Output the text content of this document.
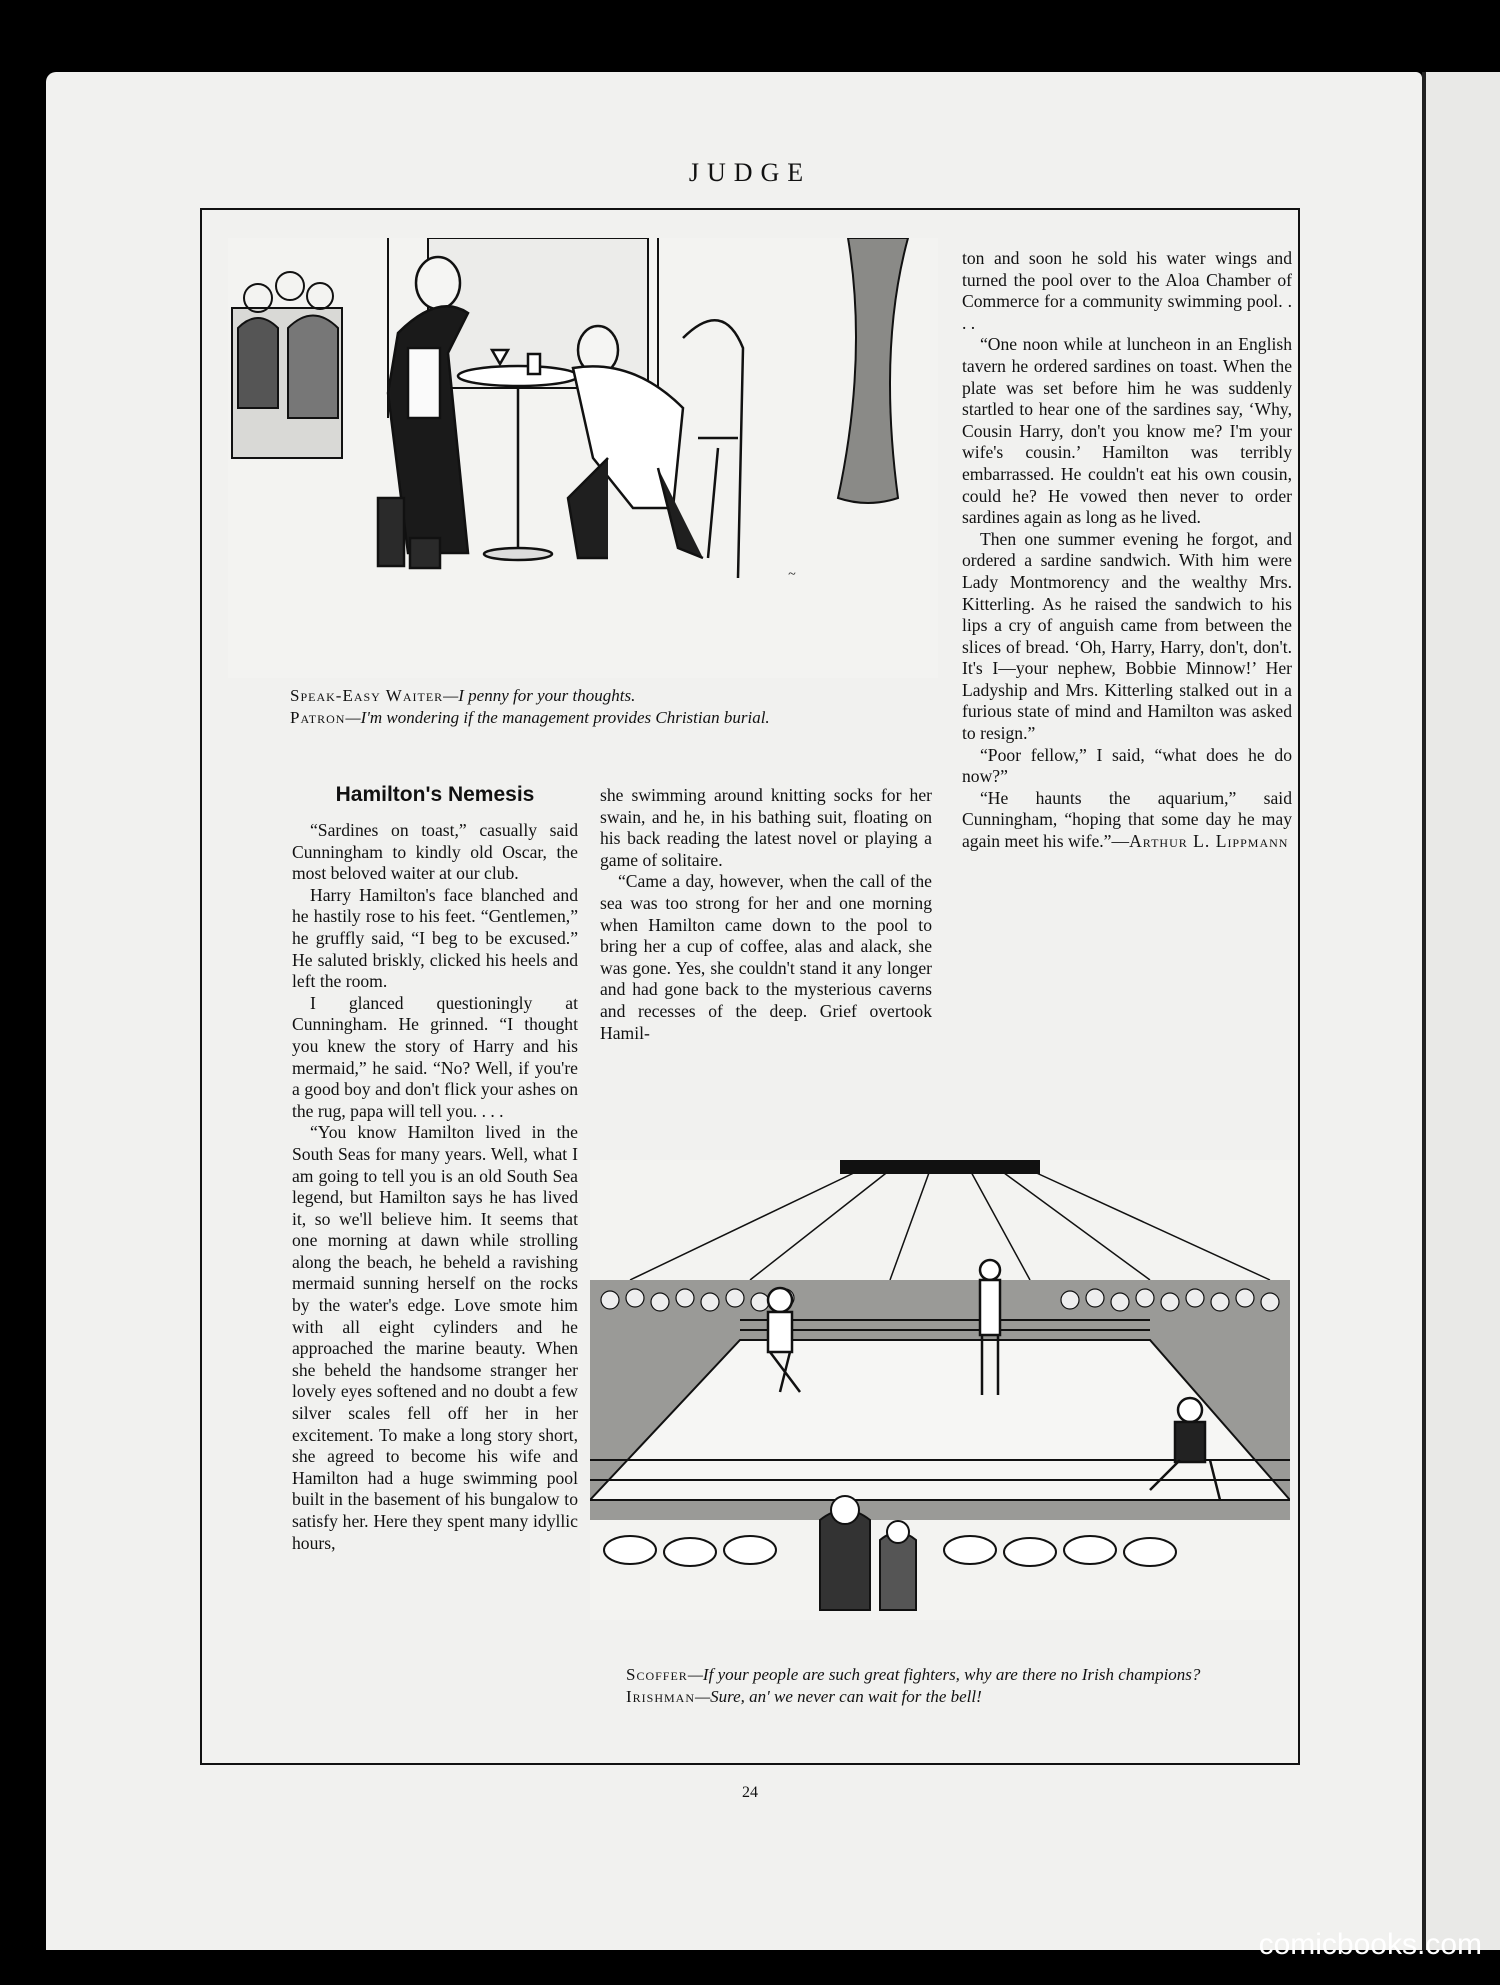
JUDGE
~
Speak-Easy Waiter—I penny for your thoughts.
Patron—I'm wondering if the management provides Christian burial.
Hamilton's Nemesis

“Sardines on toast,” casually said Cunningham to kindly old Oscar, the most beloved waiter at our club.

Harry Hamilton's face blanched and he hastily rose to his feet. “Gentlemen,” he gruffly said, “I beg to be excused.” He saluted briskly, clicked his heels and left the room.

I glanced questioningly at Cunningham. He grinned. “I thought you knew the story of Harry and his mermaid,” he said. “No? Well, if you're a good boy and don't flick your ashes on the rug, papa will tell you. . . .

“You know Hamilton lived in the South Seas for many years. Well, what I am going to tell you is an old South Sea legend, but Hamilton says he has lived it, so we'll believe him. It seems that one morning at dawn while strolling along the beach, he beheld a ravishing mermaid sunning herself on the rocks by the water's edge. Love smote him with all eight cylinders and he approached the marine beauty. When she beheld the handsome stranger her lovely eyes softened and no doubt a few silver scales fell off her in her excitement. To make a long story short, she agreed to become his wife and Hamilton had a huge swimming pool built in the basement of his bungalow to satisfy her. Here they spent many idyllic hours,

she swimming around knitting socks for her swain, and he, in his bathing suit, floating on his back reading the latest novel or playing a game of solitaire.

“Came a day, however, when the call of the sea was too strong for her and one morning when Hamilton came down to the pool to bring her a cup of coffee, alas and alack, she was gone. Yes, she couldn't stand it any longer and had gone back to the mysterious caverns and recesses of the deep. Grief overtook Hamil-

ton and soon he sold his water wings and turned the pool over to the Aloa Chamber of Commerce for a community swimming pool. . . .

“One noon while at luncheon in an English tavern he ordered sardines on toast. When the plate was set before him he was suddenly startled to hear one of the sardines say, ‘Why, Cousin Harry, don't you know me? I'm your wife's cousin.’ Hamilton was terribly embarrassed. He couldn't eat his own cousin, could he? He vowed then never to order sardines again as long as he lived.

Then one summer evening he forgot, and ordered a sardine sandwich. With him were Lady Montmorency and the wealthy Mrs. Kitterling. As he raised the sandwich to his lips a cry of anguish came from between the slices of bread. ‘Oh, Harry, Harry, don't, don't. It's I—your nephew, Bobbie Minnow!’ Her Ladyship and Mrs. Kitterling stalked out in a furious state of mind and Hamilton was asked to resign.”

“Poor fellow,” I said, “what does he do now?”

“He haunts the aquarium,” said Cunningham, “hoping that some day he may again meet his wife.”—Arthur L. Lippmann

Scoffer—If your people are such great fighters, why are there no Irish champions?
Irishman—Sure, an' we never can wait for the bell!
24
comicbooks.com
